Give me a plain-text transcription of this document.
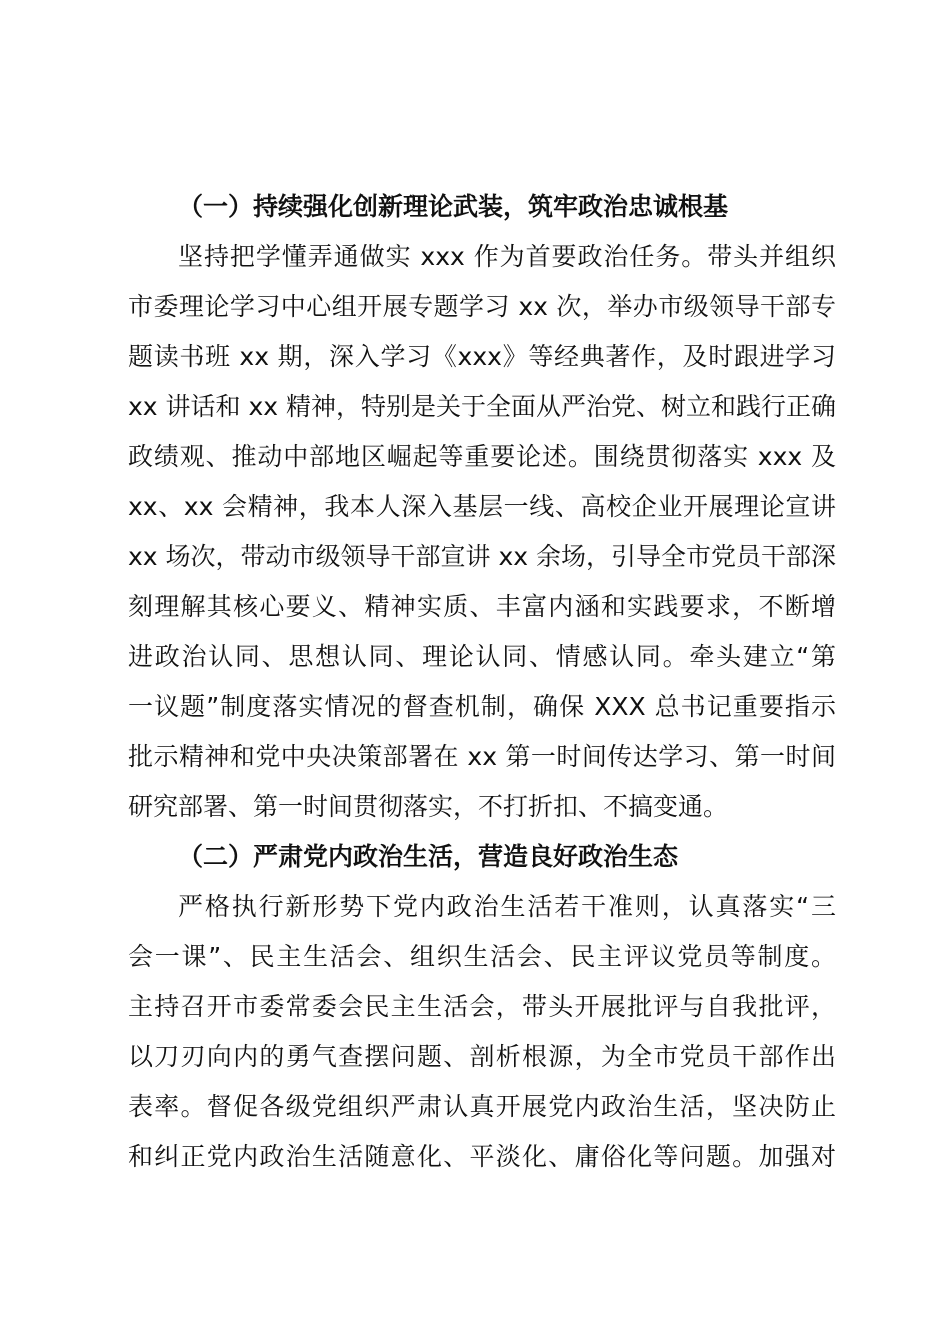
（一）持续强化创新理论武装，筑牢政治忠诚根基

坚持把学懂弄通做实 xxx 作为首要政治任务。带头并组织
市委理论学习中心组开展专题学习 xx 次，举办市级领导干部专
题读书班 xx 期，深入学习《xxx》等经典著作，及时跟进学习
xx 讲话和 xx 精神，特别是关于全面从严治党、树立和践行正确
政绩观、推动中部地区崛起等重要论述。围绕贯彻落实 xxx 及
xx、xx 会精神，我本人深入基层一线、高校企业开展理论宣讲
xx 场次，带动市级领导干部宣讲 xx 余场，引导全市党员干部深
刻理解其核心要义、精神实质、丰富内涵和实践要求，不断增
进政治认同、思想认同、理论认同、情感认同。牵头建立“第
一议题”制度落实情况的督查机制，确保 XXX 总书记重要指示
批示精神和党中央决策部署在 xx 第一时间传达学习、第一时间
研究部署、第一时间贯彻落实，不打折扣、不搞变通。

（二）严肃党内政治生活，营造良好政治生态

严格执行新形势下党内政治生活若干准则，认真落实“三
会一课”、民主生活会、组织生活会、民主评议党员等制度。
主持召开市委常委会民主生活会，带头开展批评与自我批评，
以刀刃向内的勇气查摆问题、剖析根源，为全市党员干部作出
表率。督促各级党组织严肃认真开展党内政治生活，坚决防止
和纠正党内政治生活随意化、平淡化、庸俗化等问题。加强对
